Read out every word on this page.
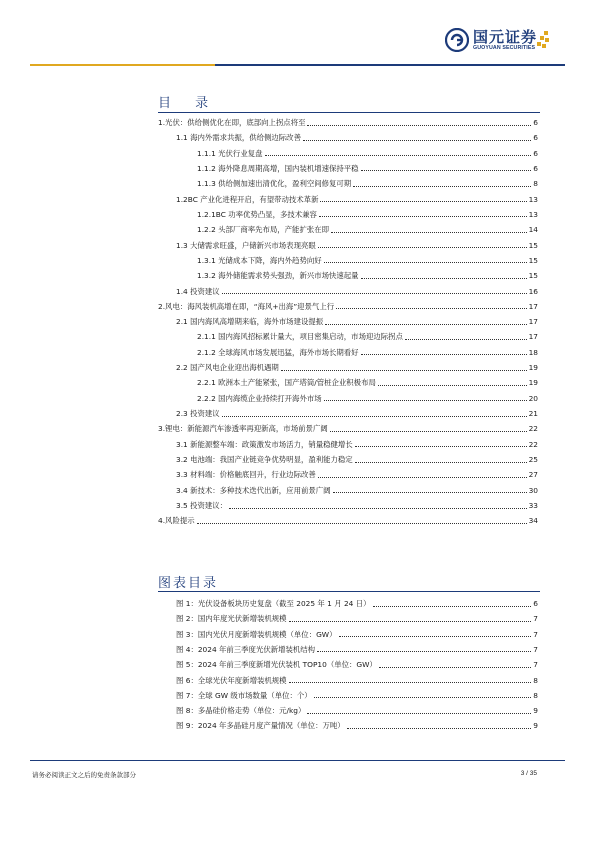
国元证券
GUOYUAN SECURITIES
目 录
1.光伏：供给侧优化在即，底部向上拐点将至	6
1.1 海内外需求共振，供给侧边际改善	6
1.1.1 光伏行业复盘	6
1.1.2 海外降息周期高增，国内装机增速保持平稳	6
1.1.3 供给侧加速出清优化，盈利空间修复可期	8
1.2BC 产业化进程开启，有望带动技术革新	13
1.2.1BC 功率优势凸显，多技术兼容	13
1.2.2 头部厂商率先布局，产能扩张在即	14
1.3 大储需求旺盛，户储新兴市场表现亮眼	15
1.3.1 光储成本下降，海内外趋势向好	15
1.3.2 海外储能需求势头强劲，新兴市场快速起量	15
1.4 投资建议	16
2.风电：海风装机高增在即，“海风+出海”迎景气上行	17
2.1 国内海风高增期来临，海外市场建设提振	17
2.1.1 国内海风招标累计量大，项目密集启动，市场迎边际拐点	17
2.1.2 全球海风市场发展迅猛，海外市场长期看好	18
2.2 国产风电企业迎出海机遇期	19
2.2.1 欧洲本土产能紧张，国产塔筒/管桩企业积极布局	19
2.2.2 国内海缆企业持续打开海外市场	20
2.3 投资建议	21
3.锂电：新能源汽车渗透率再迎新高，市场前景广阔	22
3.1 新能源整车端：政策激发市场活力，销量稳健增长	22
3.2 电池端：我国产业链竞争优势明显，盈利能力稳定	25
3.3 材料端：价格触底回升，行业边际改善	27
3.4 新技术：多种技术迭代出新，应用前景广阔	30
3.5 投资建议：	33
4.风险提示	34
图表目录
图 1：光伏设备板块历史复盘（截至 2025 年 1 月 24 日）	6
图 2：国内年度光伏新增装机规模	7
图 3：国内光伏月度新增装机规模（单位：GW）	7
图 4：2024 年前三季度光伏新增装机结构	7
图 5：2024 年前三季度新增光伏装机 TOP10（单位：GW）	7
图 6：全球光伏年度新增装机规模	8
图 7：全球 GW 级市场数量（单位：个）	8
图 8：多晶硅价格走势（单位：元/kg）	9
图 9：2024 年多晶硅月度产量情况（单位：万吨）	9
请务必阅读正文之后的免责条款部分	3 / 35
